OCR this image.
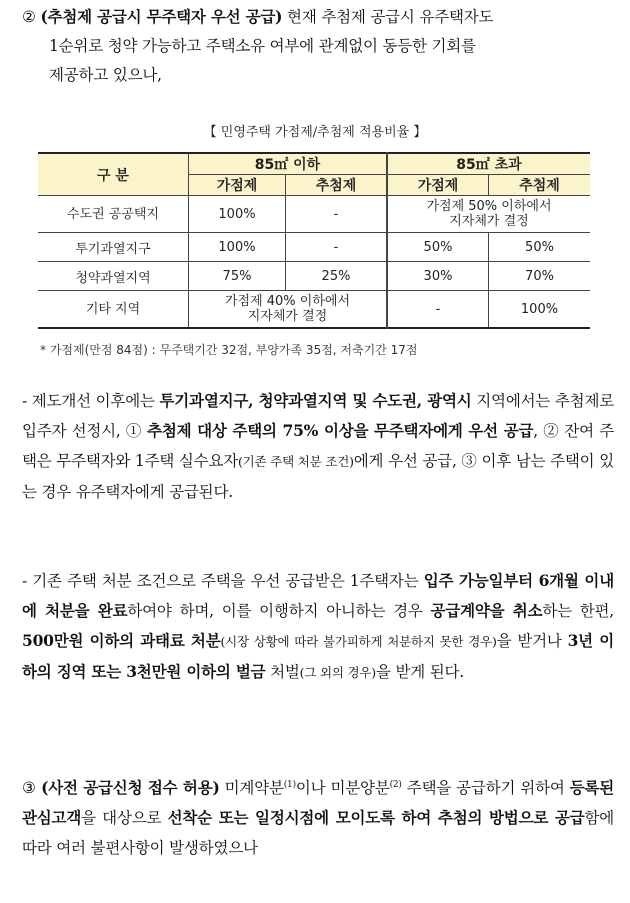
② (추첨제 공급시 무주택자 우선 공급) 현재 추첨제 공급시 유주택자도
1순위로 청약 가능하고 주택소유 여부에 관계없이 동등한 기회를
제공하고 있으나,
【 민영주택 가점제/추첨제 적용비율 】
구 분	85㎡ 이하		85㎡ 초과	
	가점제	추첨제	가점제	추첨제
수도권 공공택지	100%	-	가점제 50% 이하에서
지자체가 결정	
투기과열지구	100%	-	50%	50%
청약과열지역	75%	25%	30%	70%
기타 지역	가점제 40% 이하에서
지자체가 결정		-	100%
* 가점제(만점 84점) : 무주택기간 32점, 부양가족 35점, 저축기간 17점
- 제도개선 이후에는 투기과열지구, 청약과열지역 및 수도권, 광역시 지역에서는 추첨제로 입주자 선정시, ① 추첨제 대상 주택의 75% 이상을 무주택자에게 우선 공급, ② 잔여 주택은 무주택자와 1주택 실수요자(기존 주택 처분 조건)에게 우선 공급, ③ 이후 남는 주택이 있는 경우 유주택자에게 공급된다.
- 기존 주택 처분 조건으로 주택을 우선 공급받은 1주택자는 입주 가능일부터 6개월 이내에 처분을 완료하여야 하며, 이를 이행하지 아니하는 경우 공급계약을 취소하는 한편, 500만원 이하의 과태료 처분(시장 상황에 따라 불가피하게 처분하지 못한 경우)을 받거나 3년 이하의 징역 또는 3천만원 이하의 벌금 처벌(그 외의 경우)을 받게 된다.
③ (사전 공급신청 접수 허용) 미계약분$^{(1)}$이나 미분양분$^{(2)}$ 주택을 공급하기 위하여 등록된 관심고객을 대상으로 선착순 또는 일정시점에 모이도록 하여 추첨의 방법으로 공급함에 따라 여러 불편사항이 발생하였으나
